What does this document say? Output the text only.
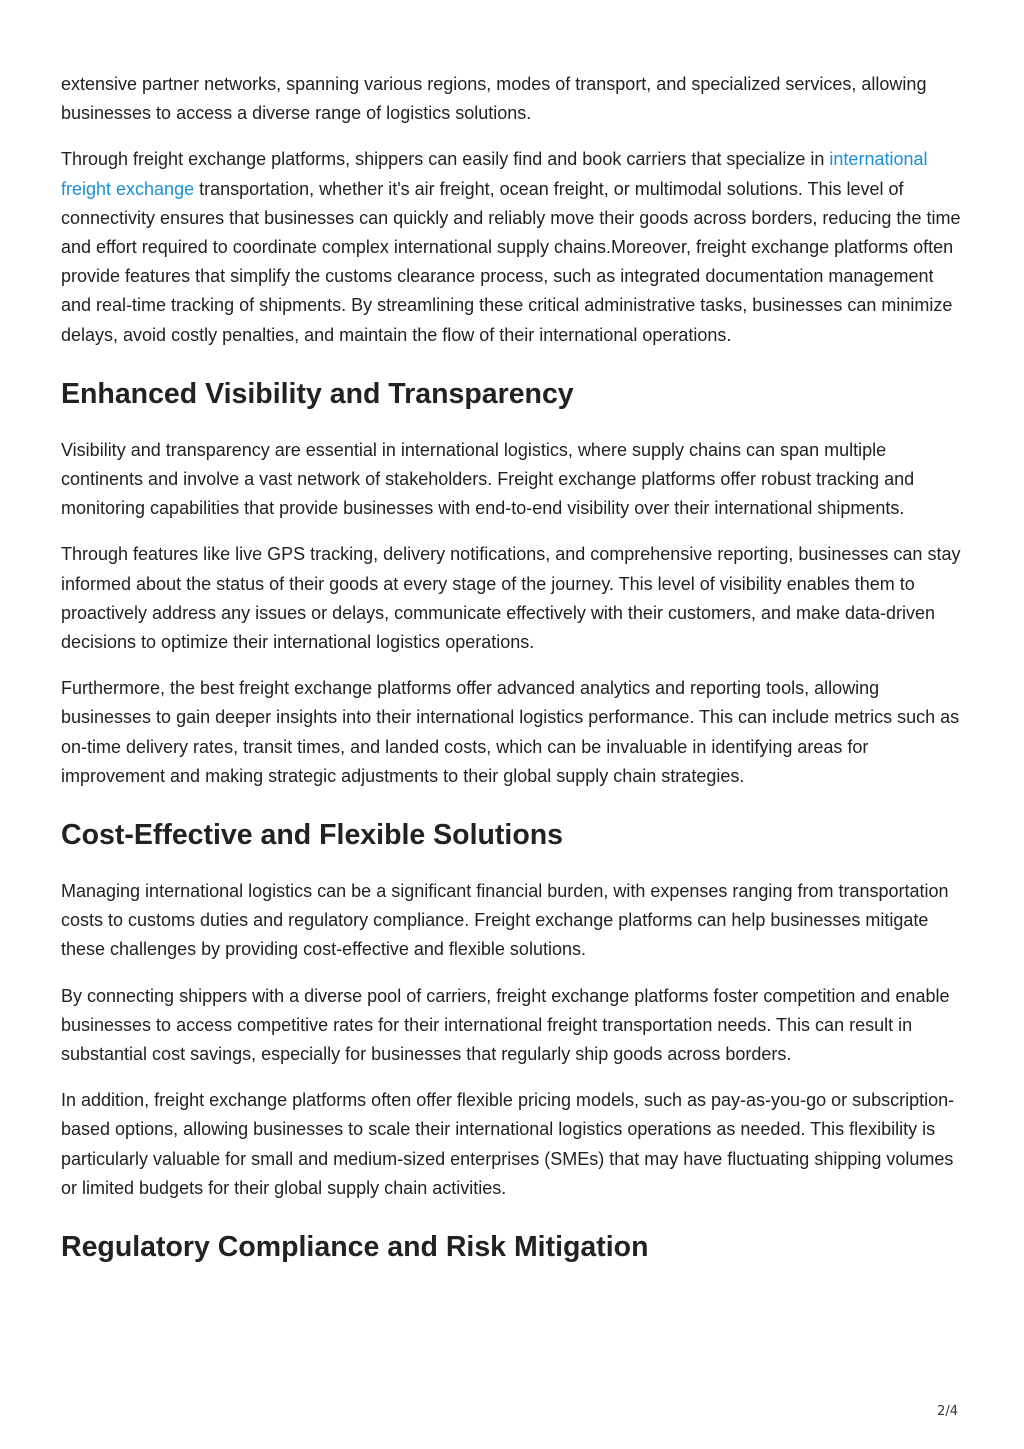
extensive partner networks, spanning various regions, modes of transport, and specialized services, allowing businesses to access a diverse range of logistics solutions.

Through freight exchange platforms, shippers can easily find and book carriers that specialize in international freight exchange transportation, whether it's air freight, ocean freight, or multimodal solutions. This level of connectivity ensures that businesses can quickly and reliably move their goods across borders, reducing the time and effort required to coordinate complex international supply chains.Moreover, freight exchange platforms often provide features that simplify the customs clearance process, such as integrated documentation management and real-time tracking of shipments. By streamlining these critical administrative tasks, businesses can minimize delays, avoid costly penalties, and maintain the flow of their international operations.

Enhanced Visibility and Transparency

Visibility and transparency are essential in international logistics, where supply chains can span multiple continents and involve a vast network of stakeholders. Freight exchange platforms offer robust tracking and monitoring capabilities that provide businesses with end-to-end visibility over their international shipments.

Through features like live GPS tracking, delivery notifications, and comprehensive reporting, businesses can stay informed about the status of their goods at every stage of the journey. This level of visibility enables them to proactively address any issues or delays, communicate effectively with their customers, and make data-driven decisions to optimize their international logistics operations.

Furthermore, the best freight exchange platforms offer advanced analytics and reporting tools, allowing businesses to gain deeper insights into their international logistics performance. This can include metrics such as on-time delivery rates, transit times, and landed costs, which can be invaluable in identifying areas for improvement and making strategic adjustments to their global supply chain strategies.

Cost-Effective and Flexible Solutions

Managing international logistics can be a significant financial burden, with expenses ranging from transportation costs to customs duties and regulatory compliance. Freight exchange platforms can help businesses mitigate these challenges by providing cost-effective and flexible solutions.

By connecting shippers with a diverse pool of carriers, freight exchange platforms foster competition and enable businesses to access competitive rates for their international freight transportation needs. This can result in substantial cost savings, especially for businesses that regularly ship goods across borders.

In addition, freight exchange platforms often offer flexible pricing models, such as pay-as-you-go or subscription-based options, allowing businesses to scale their international logistics operations as needed. This flexibility is particularly valuable for small and medium-sized enterprises (SMEs) that may have fluctuating shipping volumes or limited budgets for their global supply chain activities.

Regulatory Compliance and Risk Mitigation
2/4
